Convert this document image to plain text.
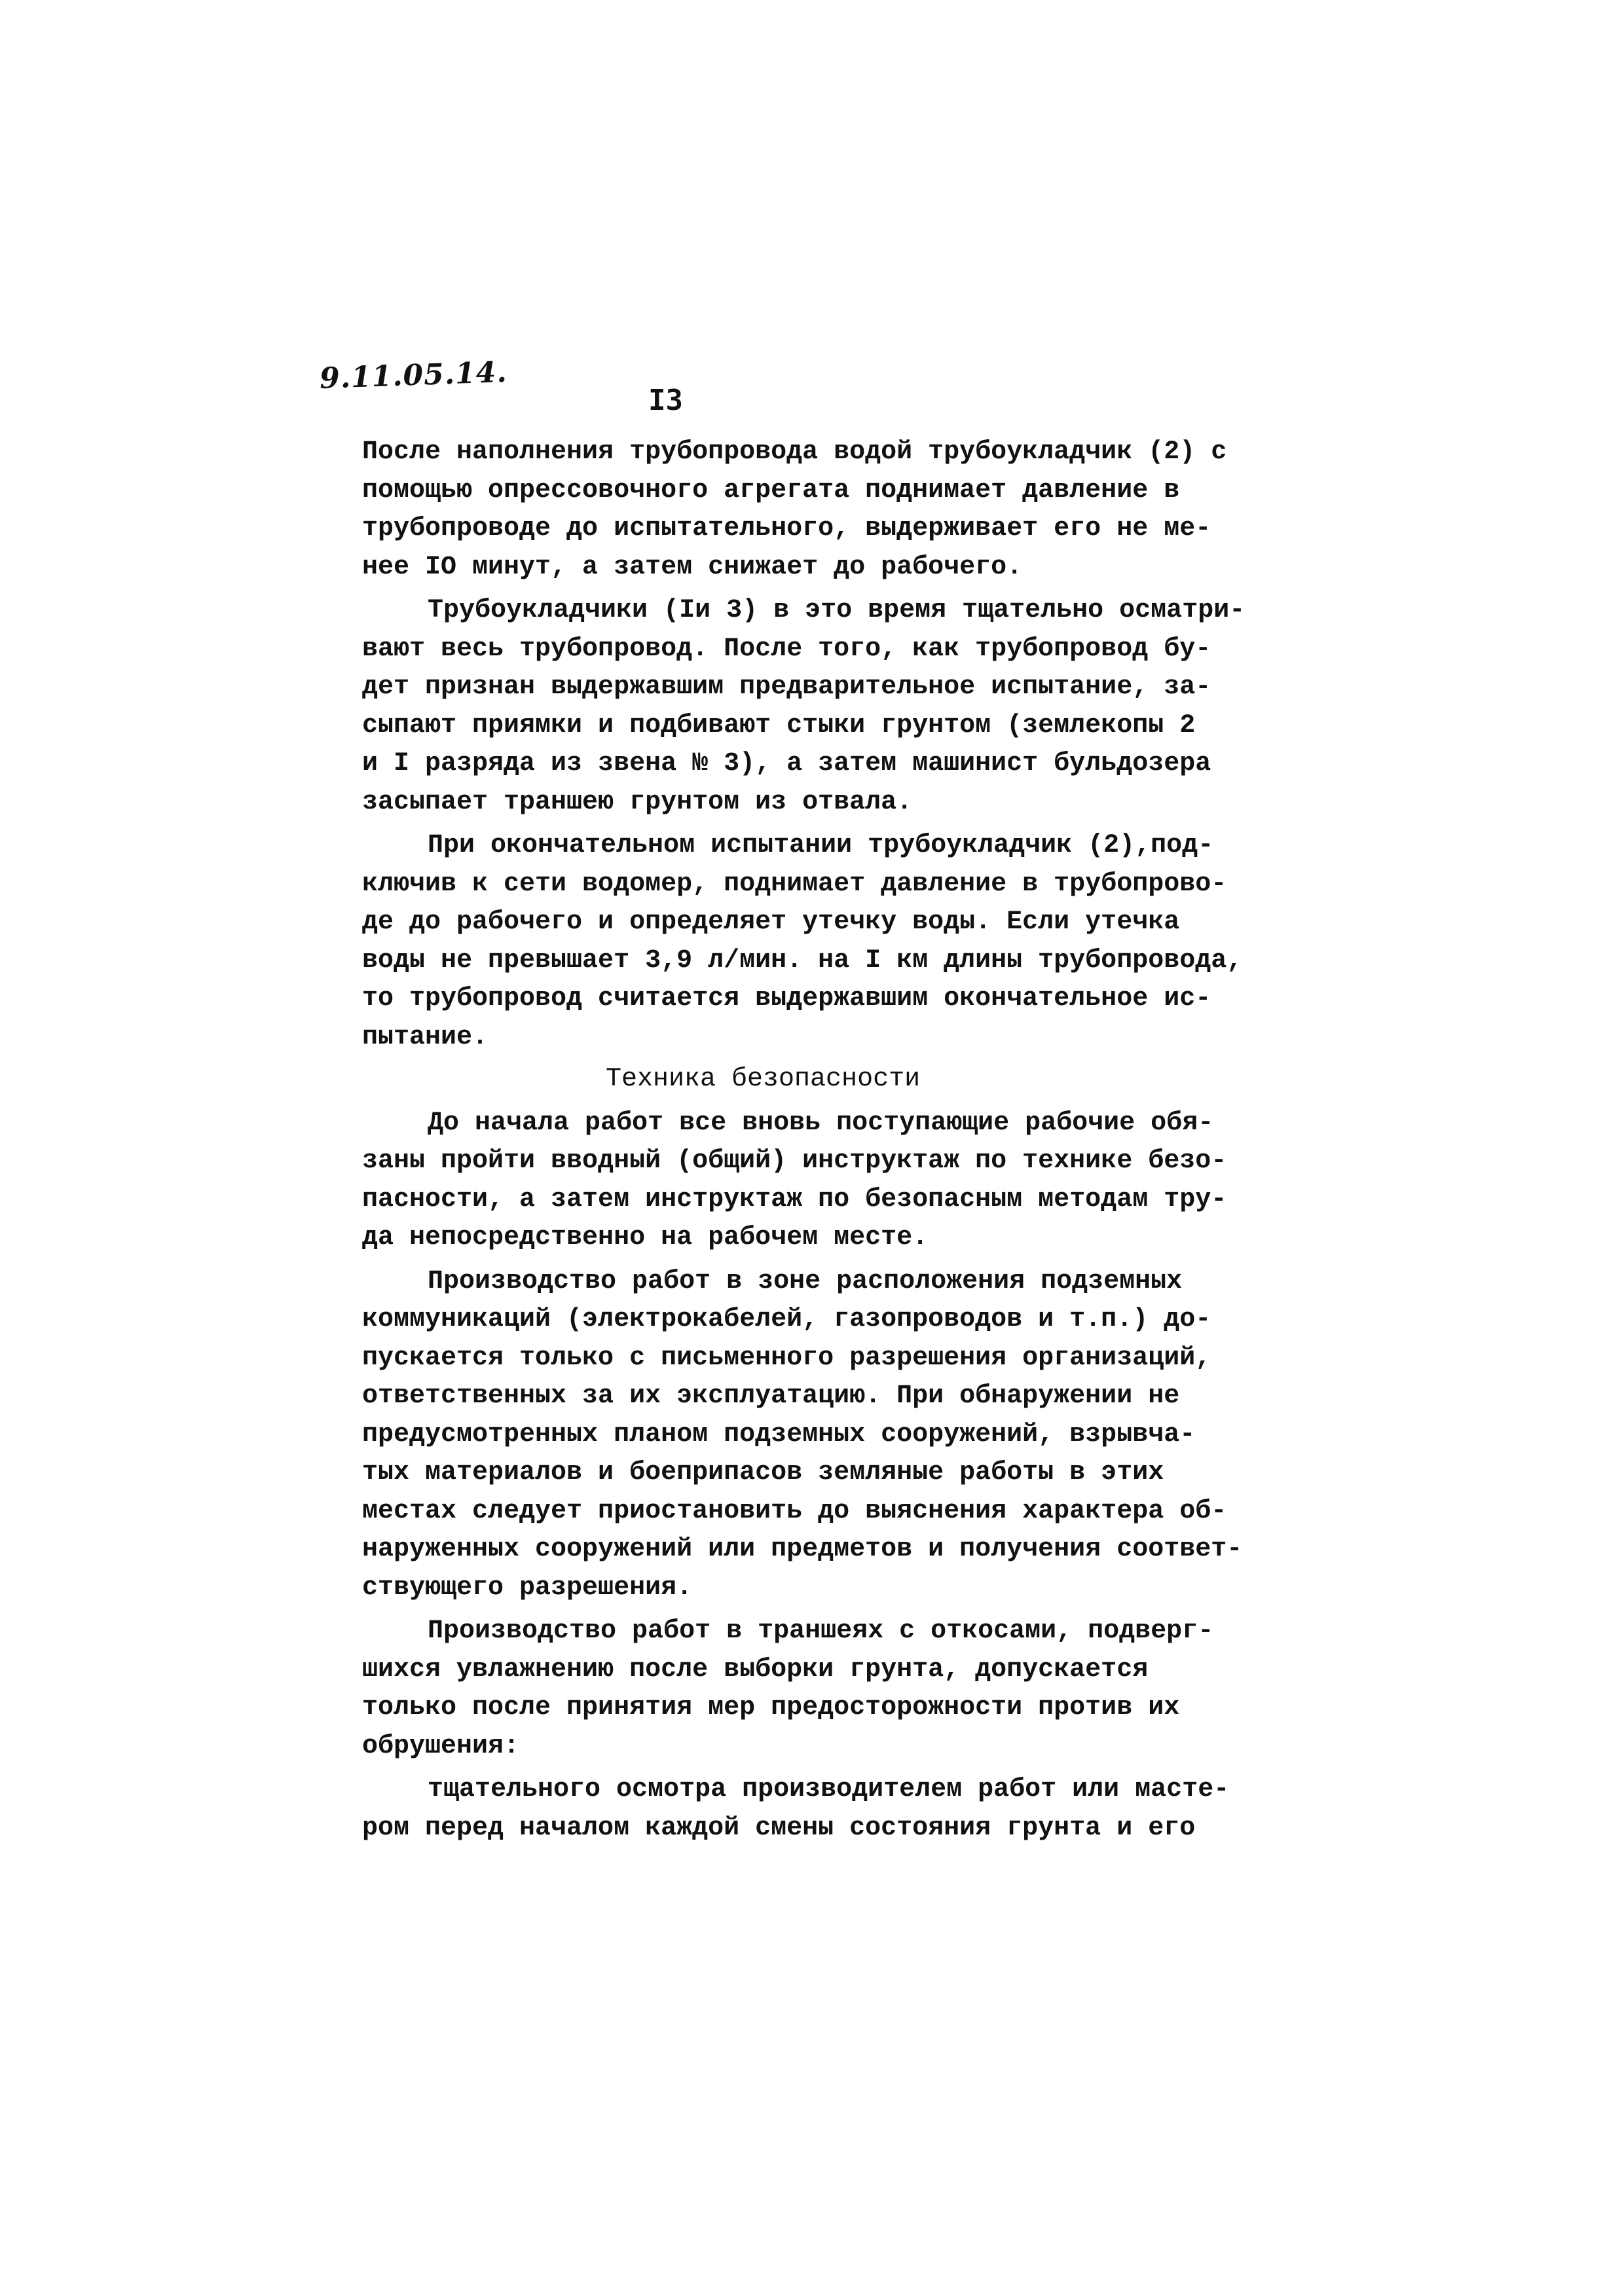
9.11.05.14.
I3
После наполнения трубопровода водой трубоукладчик (2) с
помощью опрессовочного агрегата поднимает давление в
трубопроводе до испытательного, выдерживает его не ме-
нее IO минут, а затем снижает до рабочего.
Трубоукладчики (Iи 3) в это время тщательно осматри-
вают весь трубопровод. После того, как трубопровод бу-
дет признан выдержавшим предварительное испытание, за-
сыпают приямки и подбивают стыки грунтом (землекопы 2
и I разряда из звена № 3), а затем машинист бульдозера
засыпает траншею грунтом из отвала.
При окончательном испытании трубоукладчик (2),под-
ключив к сети водомер, поднимает давление в трубопрово-
де до рабочего и определяет утечку воды. Если утечка
воды не превышает 3,9 л/мин. на I км длины трубопровода,
то трубопровод считается выдержавшим окончательное ис-
пытание.
Техника безопасности
До начала работ все вновь поступающие рабочие обя-
заны пройти вводный (общий) инструктаж по технике безо-
пасности, а затем инструктаж по безопасным методам тру-
да непосредственно на рабочем месте.
Производство работ в зоне расположения подземных
коммуникаций (электрокабелей, газопроводов и т.п.) до-
пускается только с письменного разрешения организаций,
ответственных за их эксплуатацию. При обнаружении не
предусмотренных планом подземных сооружений, взрывча-
тых материалов и боеприпасов земляные работы в этих
местах следует приостановить до выяснения характера об-
наруженных сооружений или предметов и получения соответ-
ствующего разрешения.
Производство работ в траншеях с откосами, подверг-
шихся увлажнению после выборки грунта, допускается
только после принятия мер предосторожности против их
обрушения:
тщательного осмотра производителем работ или масте-
ром перед началом каждой смены состояния грунта и его
